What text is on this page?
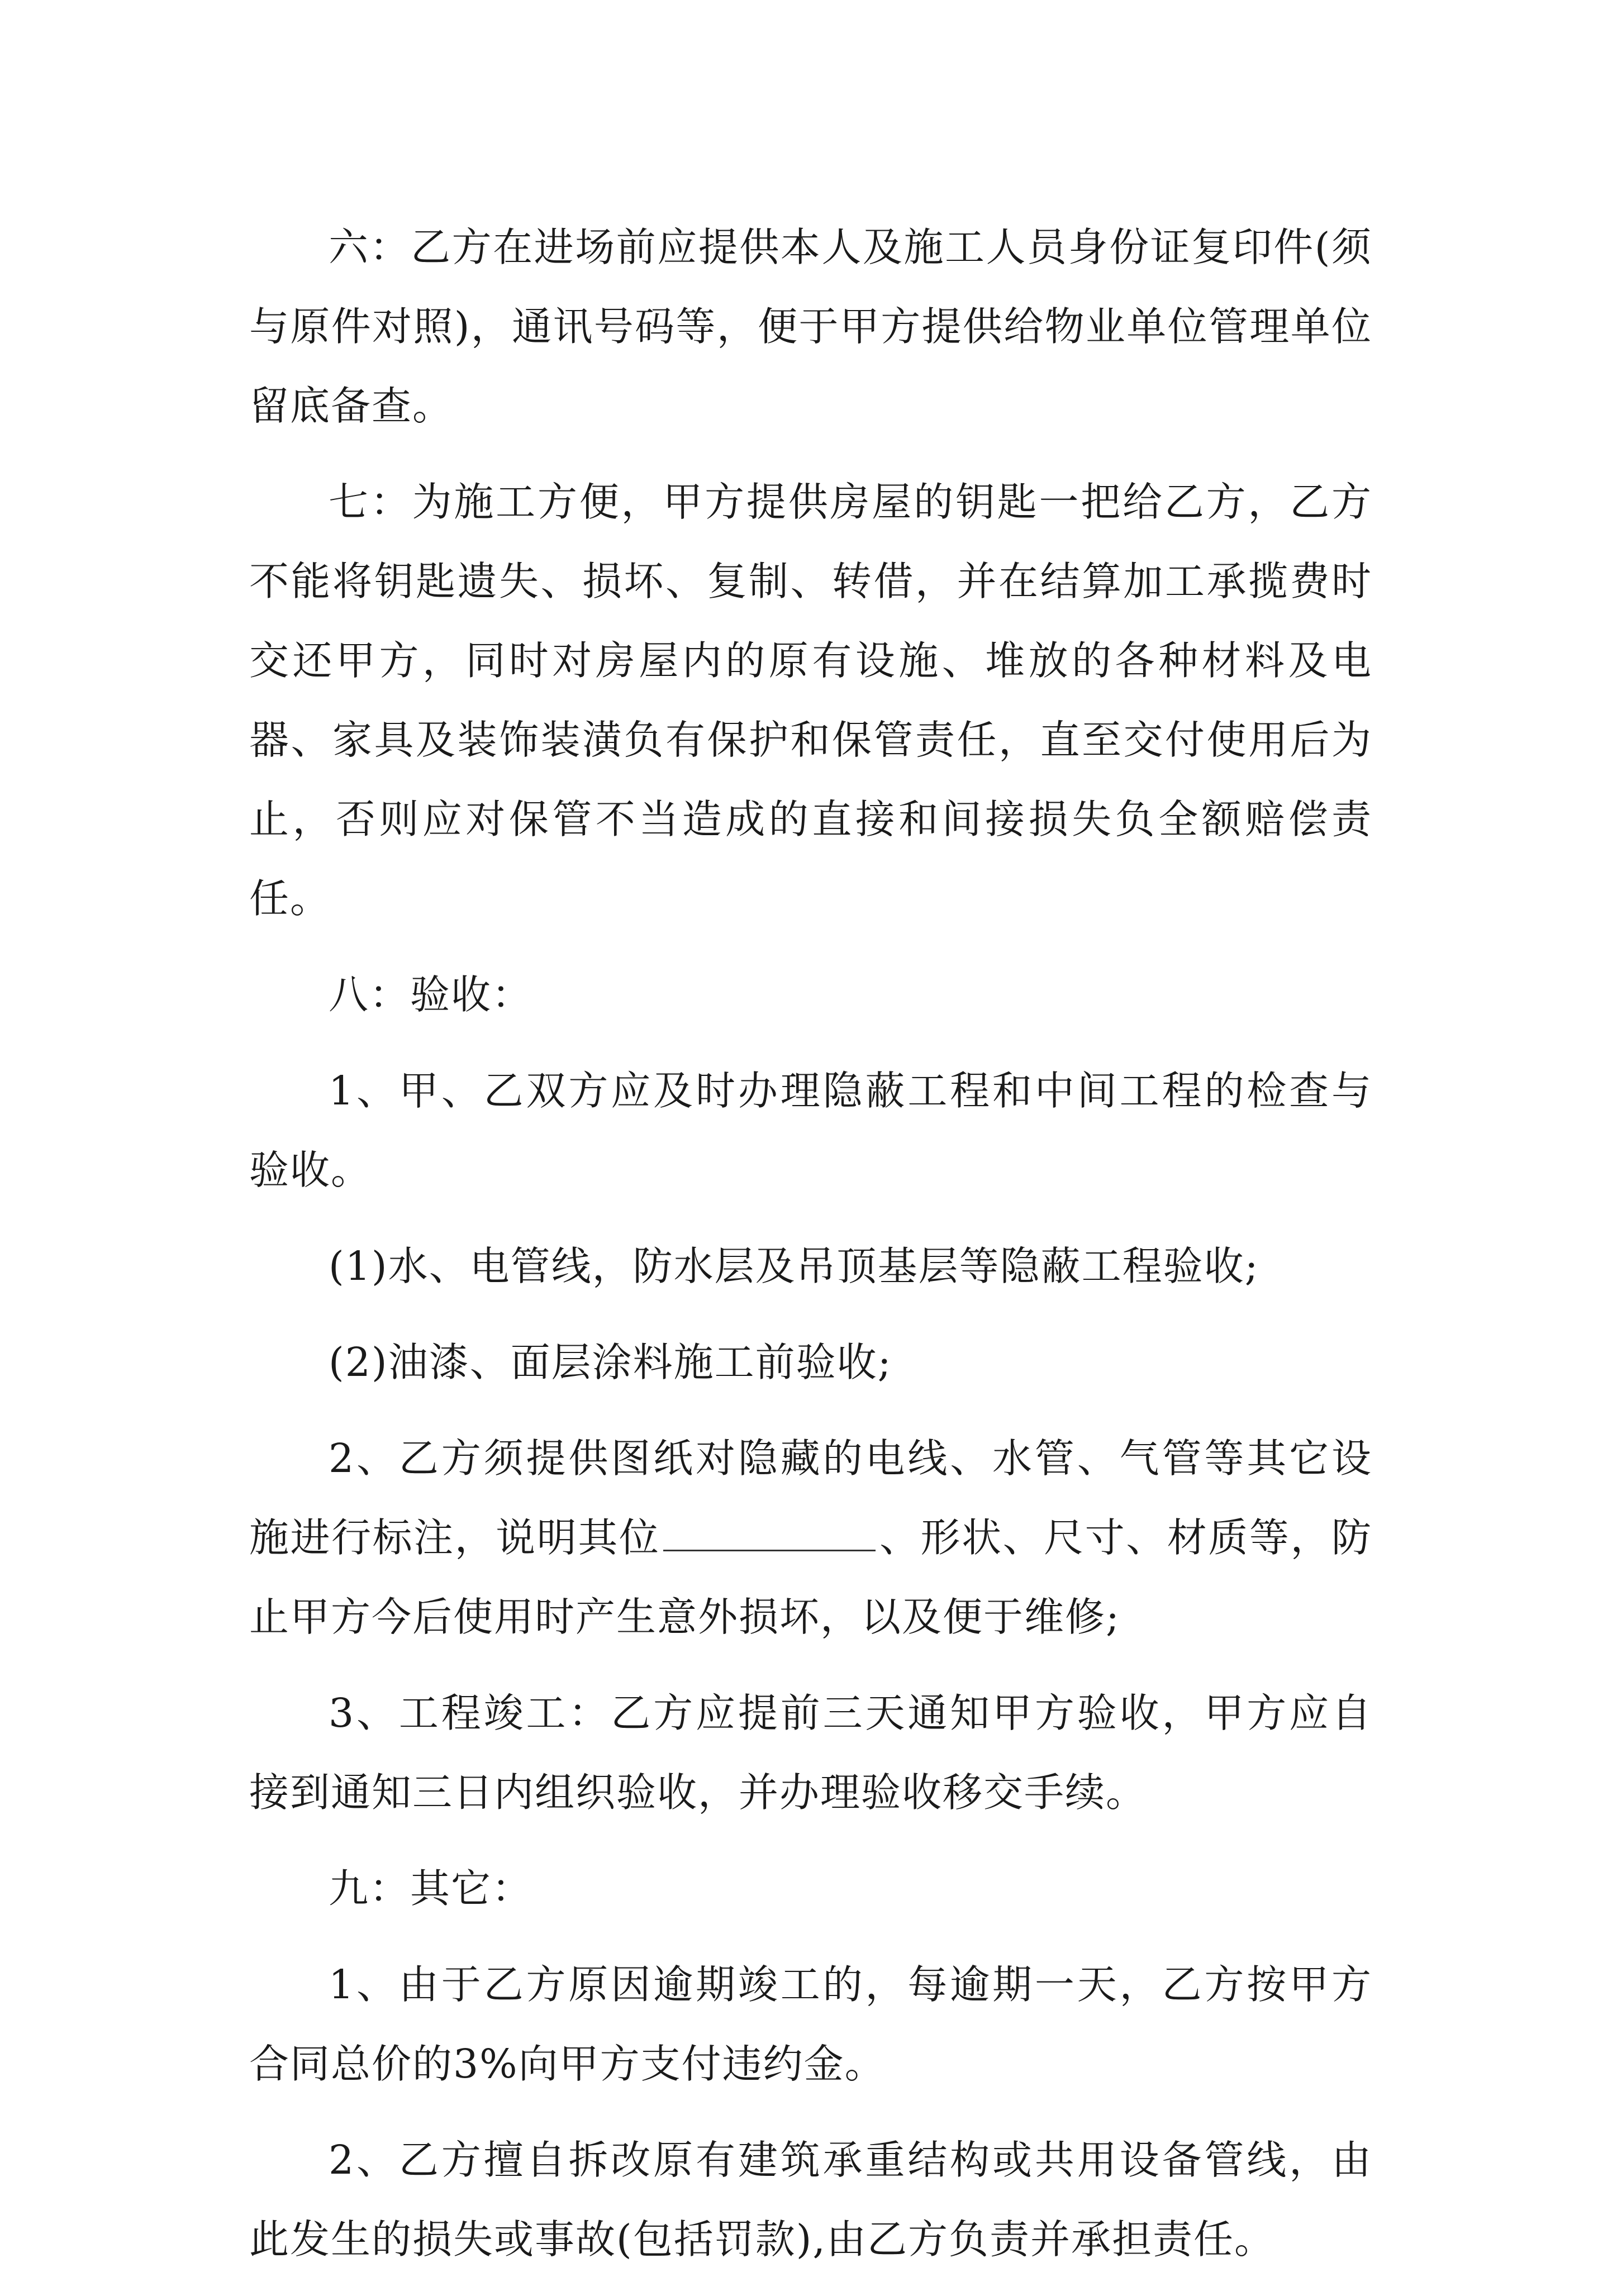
六：乙方在进场前应提供本人及施工人员身份证复印件(须与原件对照)，通讯号码等，便于甲方提供给物业单位管理单位留底备查。

七：为施工方便，甲方提供房屋的钥匙一把给乙方，乙方不能将钥匙遗失、损坏、复制、转借，并在结算加工承揽费时交还甲方，同时对房屋内的原有设施、堆放的各种材料及电器、家具及装饰装潢负有保护和保管责任，直至交付使用后为止，否则应对保管不当造成的直接和间接损失负全额赔偿责任。

八：验收：

1、甲、乙双方应及时办理隐蔽工程和中间工程的检查与验收。

(1)水、电管线，防水层及吊顶基层等隐蔽工程验收;

(2)油漆、面层涂料施工前验收;

2、乙方须提供图纸对隐藏的电线、水管、气管等其它设施进行标注，说明其位	、形状、尺寸、材质等，防止甲方今后使用时产生意外损坏，以及便于维修;

3、工程竣工：乙方应提前三天通知甲方验收，甲方应自接到通知三日内组织验收，并办理验收移交手续。

九：其它：

1、由于乙方原因逾期竣工的，每逾期一天，乙方按甲方合同总价的3%向甲方支付违约金。

2、乙方擅自拆改原有建筑承重结构或共用设备管线，由此发生的损失或事故(包括罚款),由乙方负责并承担责任。
